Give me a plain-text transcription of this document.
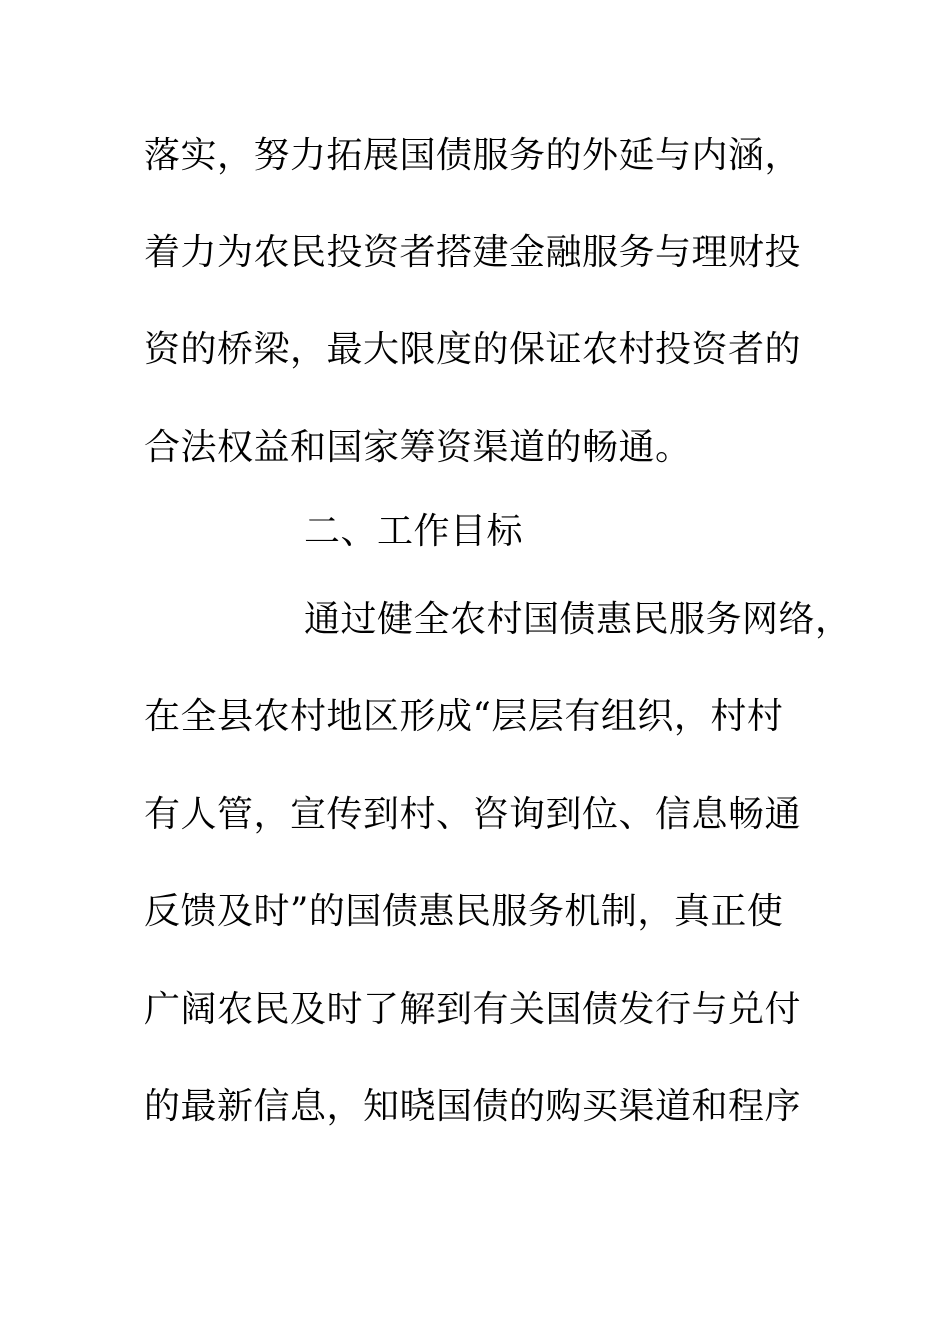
落实，努力拓展国债服务的外延与内涵，
着力为农民投资者搭建金融服务与理财投
资的桥梁，最大限度的保证农村投资者的
合法权益和国家筹资渠道的畅通。
二、工作目标
通过健全农村国债惠民服务网络，
在全县农村地区形成“层层有组织，村村
有人管，宣传到村、咨询到位、信息畅通
反馈及时”的国债惠民服务机制，真正使
广阔农民及时了解到有关国债发行与兑付
的最新信息，知晓国债的购买渠道和程序
